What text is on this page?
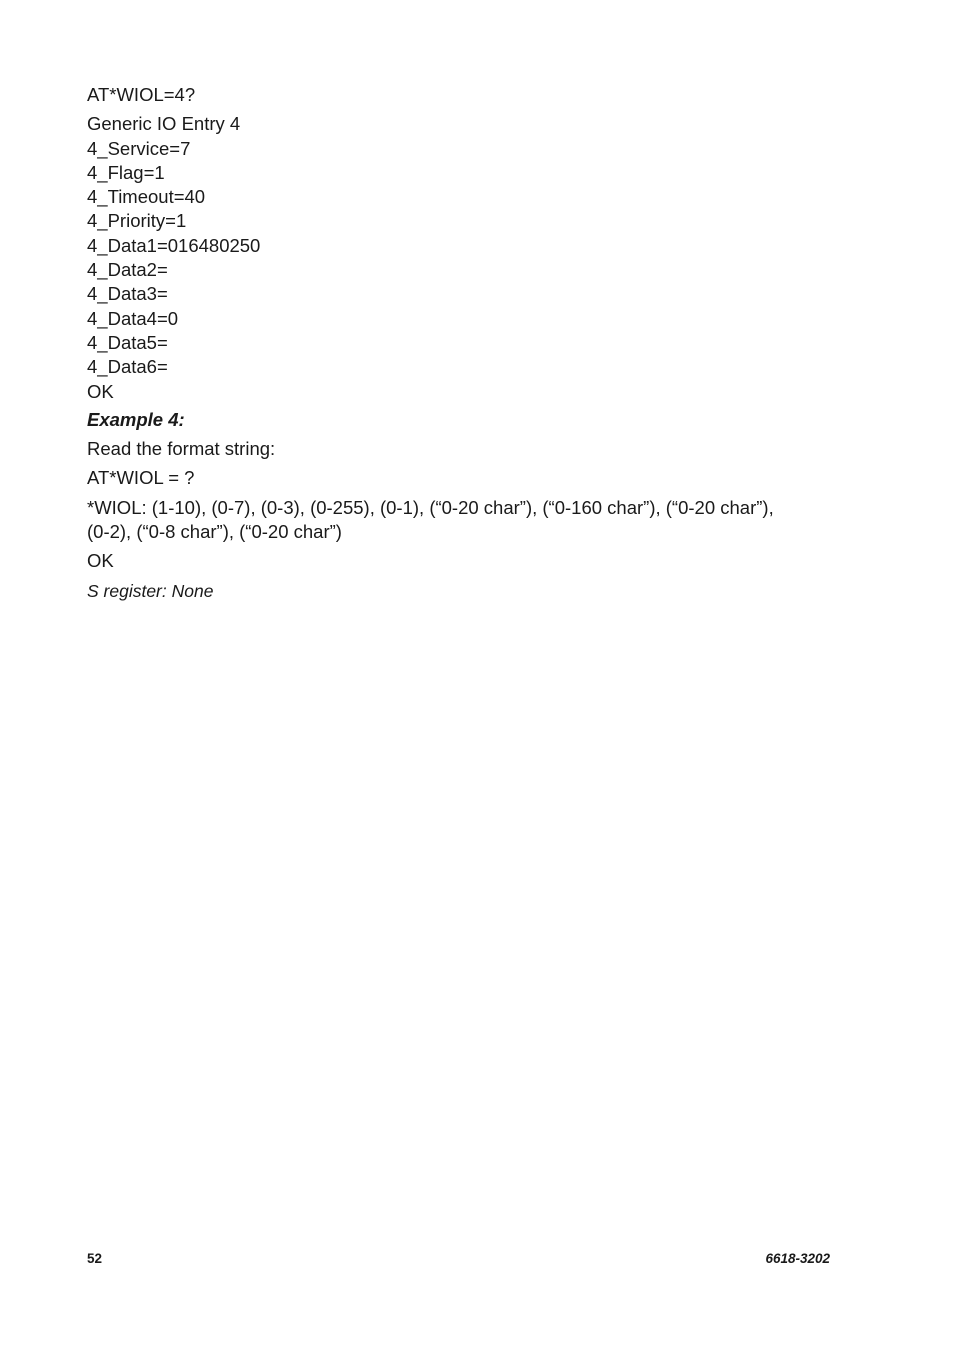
AT*WIOL=4?
Generic IO Entry 4
4_Service=7
4_Flag=1
4_Timeout=40
4_Priority=1
4_Data1=016480250
4_Data2=
4_Data3=
4_Data4=0
4_Data5=
4_Data6=
OK
Example 4:
Read the format string:
AT*WIOL = ?
*WIOL: (1-10), (0-7), (0-3), (0-255), (0-1), (“0-20 char”), (“0-160 char”), (“0-20 char”),
(0-2), (“0-8 char”), (“0-20 char”)
OK
S register: None
52	6618-3202
